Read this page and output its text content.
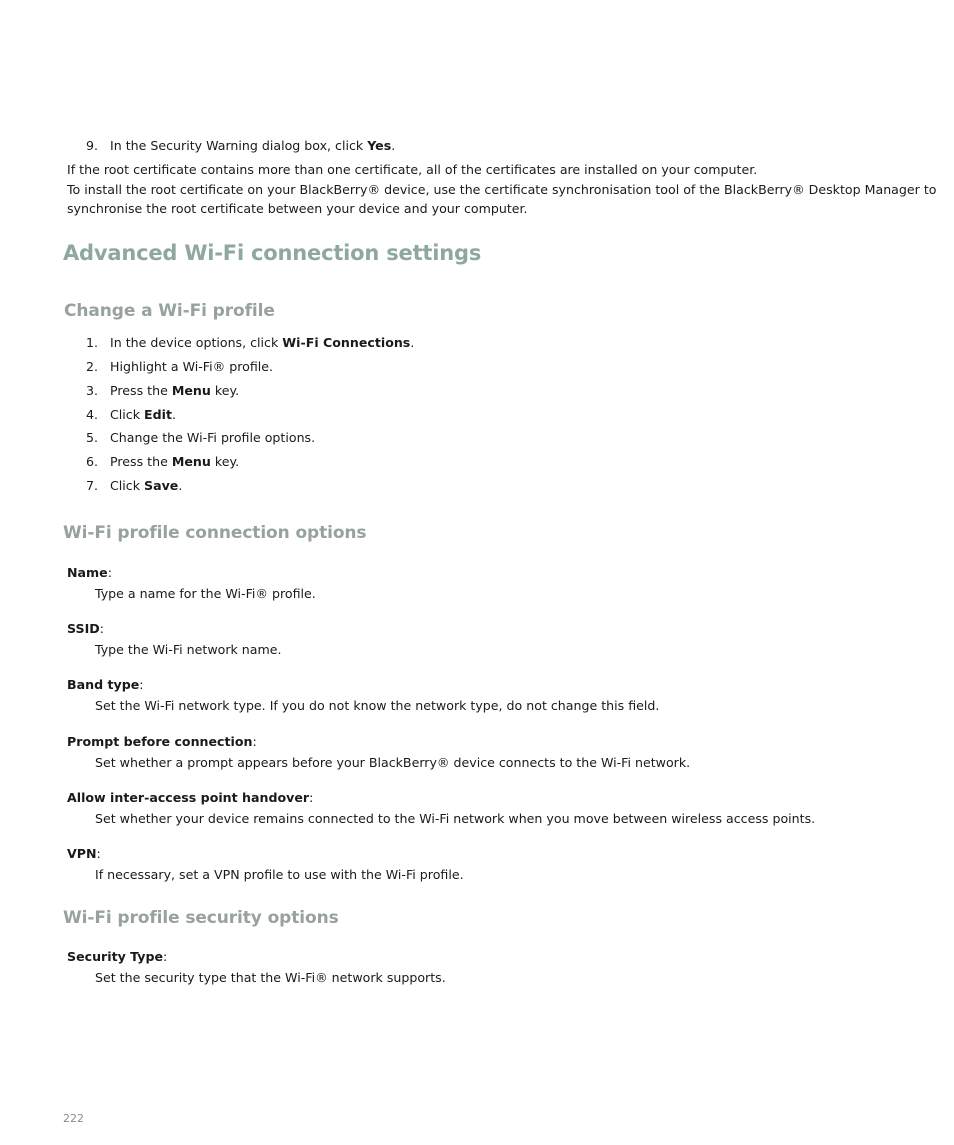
9. In the Security Warning dialog box, click Yes.
If the root certificate contains more than one certificate, all of the certificates are installed on your computer.
To install the root certificate on your BlackBerry® device, use the certificate synchronisation tool of the BlackBerry® Desktop Manager to
synchronise the root certificate between your device and your computer.
Advanced Wi-Fi connection settings
Change a Wi-Fi profile
1. In the device options, click Wi-Fi Connections.
2. Highlight a Wi-Fi® profile.
3. Press the Menu key.
4. Click Edit.
5. Change the Wi-Fi profile options.
6. Press the Menu key.
7. Click Save.
Wi-Fi profile connection options
Name:
Type a name for the Wi-Fi® profile.
SSID:
Type the Wi-Fi network name.
Band type:
Set the Wi-Fi network type. If you do not know the network type, do not change this field.
Prompt before connection:
Set whether a prompt appears before your BlackBerry® device connects to the Wi-Fi network.
Allow inter-access point handover:
Set whether your device remains connected to the Wi-Fi network when you move between wireless access points.
VPN:
If necessary, set a VPN profile to use with the Wi-Fi profile.
Wi-Fi profile security options
Security Type:
Set the security type that the Wi-Fi® network supports.
222
